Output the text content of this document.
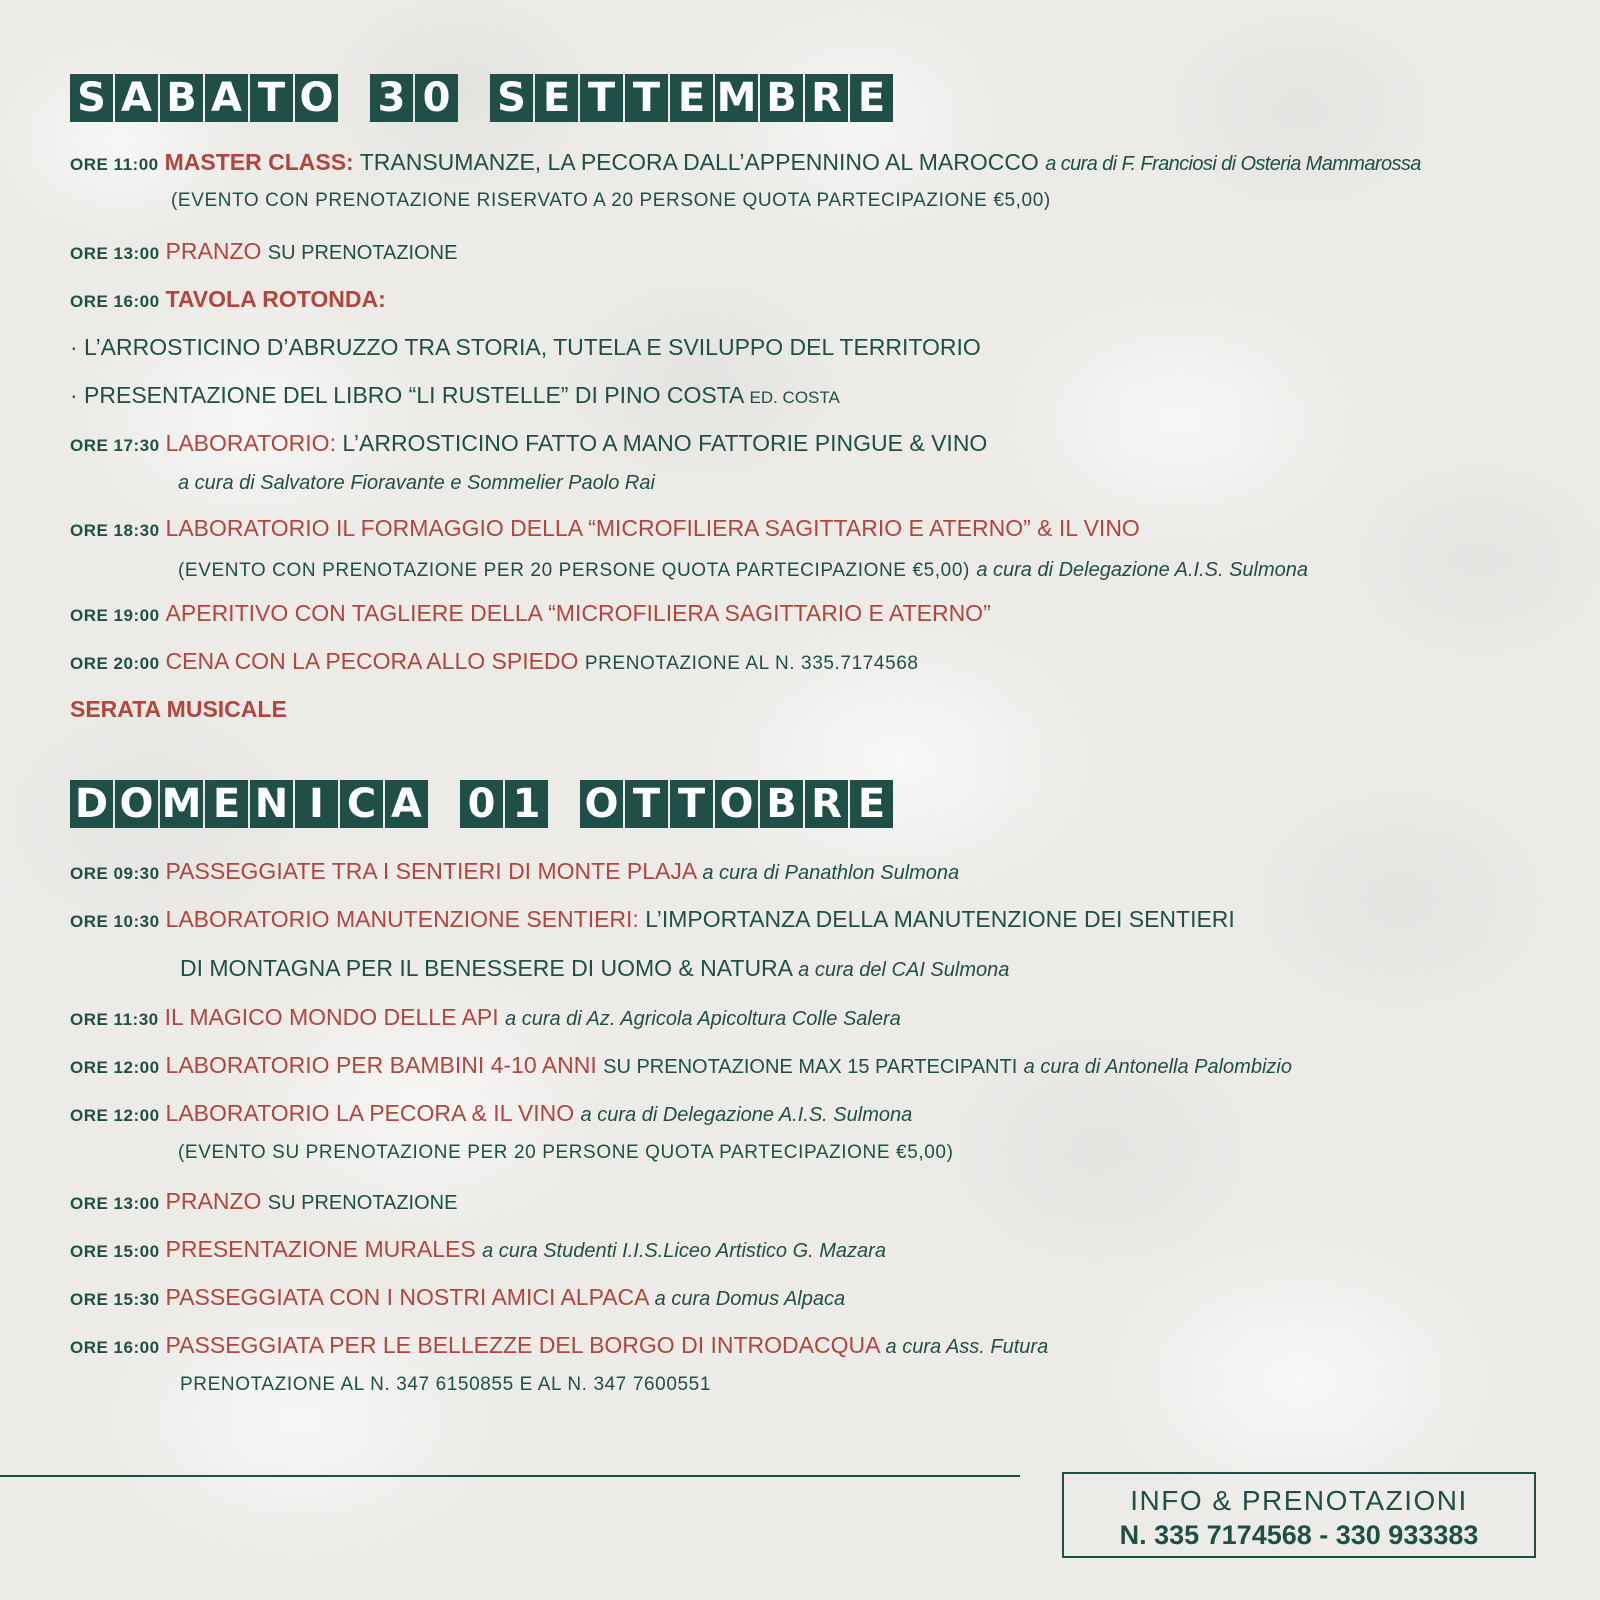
S A B A T O 3 0 S E T T E M B R E
ORE 11:00 MASTER CLASS: TRANSUMANZE, LA PECORA DALL’APPENNINO AL MAROCCO a cura di F. Franciosi di Osteria Mammarossa
(EVENTO CON PRENOTAZIONE RISERVATO A 20 PERSONE QUOTA PARTECIPAZIONE €5,00)
ORE 13:00 PRANZO SU PRENOTAZIONE
ORE 16:00 TAVOLA ROTONDA:
· L’ARROSTICINO D’ABRUZZO TRA STORIA, TUTELA E SVILUPPO DEL TERRITORIO
· PRESENTAZIONE DEL LIBRO “LI RUSTELLE” DI PINO COSTA ED. COSTA
ORE 17:30 LABORATORIO: L’ARROSTICINO FATTO A MANO FATTORIE PINGUE & VINO
a cura di Salvatore Fioravante e Sommelier Paolo Rai
ORE 18:30 LABORATORIO IL FORMAGGIO DELLA “MICROFILIERA SAGITTARIO E ATERNO” & IL VINO
(EVENTO CON PRENOTAZIONE PER 20 PERSONE QUOTA PARTECIPAZIONE €5,00) a cura di Delegazione A.I.S. Sulmona
ORE 19:00 APERITIVO CON TAGLIERE DELLA “MICROFILIERA SAGITTARIO E ATERNO”
ORE 20:00 CENA CON LA PECORA ALLO SPIEDO PRENOTAZIONE AL N. 335.7174568
SERATA MUSICALE
D O M E N I C A 0 1 O T T O B R E
ORE 09:30 PASSEGGIATE TRA I SENTIERI DI MONTE PLAJA a cura di Panathlon Sulmona
ORE 10:30 LABORATORIO MANUTENZIONE SENTIERI: L’IMPORTANZA DELLA MANUTENZIONE DEI SENTIERI
DI MONTAGNA PER IL BENESSERE DI UOMO & NATURA a cura del CAI Sulmona
ORE 11:30 IL MAGICO MONDO DELLE API a cura di Az. Agricola Apicoltura Colle Salera
ORE 12:00 LABORATORIO PER BAMBINI 4-10 ANNI SU PRENOTAZIONE MAX 15 PARTECIPANTI a cura di Antonella Palombizio
ORE 12:00 LABORATORIO LA PECORA & IL VINO a cura di Delegazione A.I.S. Sulmona
(EVENTO SU PRENOTAZIONE PER 20 PERSONE QUOTA PARTECIPAZIONE €5,00)
ORE 13:00 PRANZO SU PRENOTAZIONE
ORE 15:00 PRESENTAZIONE MURALES a cura Studenti I.I.S.Liceo Artistico G. Mazara
ORE 15:30 PASSEGGIATA CON I NOSTRI AMICI ALPACA a cura Domus Alpaca
ORE 16:00 PASSEGGIATA PER LE BELLEZZE DEL BORGO DI INTRODACQUA a cura Ass. Futura
PRENOTAZIONE AL N. 347 6150855 E AL N. 347 7600551
INFO & PRENOTAZIONI
N. 335 7174568 - 330 933383
